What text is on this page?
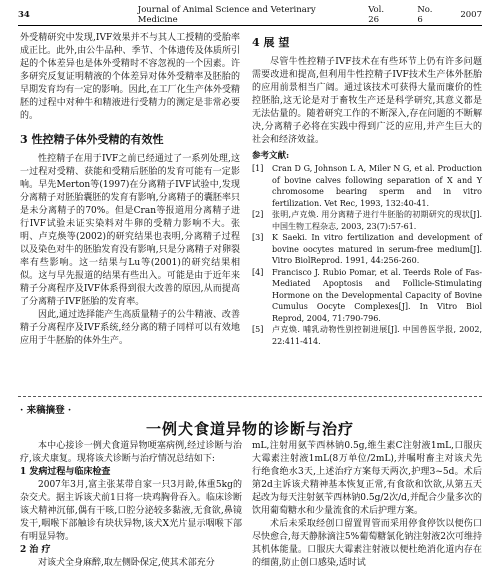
34	Journal of Animal Science and Veterinary Medicine
Vol. 26
No. 6	2007

外受精研究中发现,IVF效果并不与其人工授精的受胎率成正比。此外,由公牛品种、季节、个体遗传及体质所引起的个体差异也是体外受精时不容忽视的一个因素。许多研究反复证明精液的个体差异对体外受精率及胚胎的早期发育均有一定的影响。因此,在工厂化生产体外受精胚的过程中对种牛和精液进行受精力的测定是非常必要的。

3 性控精子体外受精的有效性

性控精子在用于IVF之前已经通过了一系列处理,这一过程对受精、获能和受精后胚胎的发育可能有一定影响。早先Merton等(1997)在分离精子IVF试验中,发现分离精子对胚胎囊胚的发育有影响,分离精子的囊胚率只是未分离精子的70%。但是Cran等报道用分离精子进行IVF试验未证实染料对牛卵的受精力影响不大。张明、卢克焕等(2002)的研究结果也表明,分离精子过程以及染色对牛的胚胎发育没有影响,只是分离精子对卵裂率有些影响。这一结果与Lu等(2001)的研究结果相似。这与早先报道的结果有些出入。可能是由于近年来精子分离程序及IVF体系得到很大改善的原因,从而提高了分离精子IVF胚胎的发育率。

因此,通过选择能产生高质量精子的公牛精液、改善精子分离程序及IVF系统,经分离的精子同样可以有效地应用于牛胚胎的体外生产。

4 展 望

尽管牛性控精子IVF技术在有些环节上仍有许多问题需要改进和提高,但利用牛性控精子IVF技术生产体外胚胎的应用前景相当广阔。通过该技术可获得大量而廉价的性控胚胎,这无论是对于畜牧生产还是科学研究,其意义都是无法估量的。随着研究工作的不断深入,存在问题的不断解决,分离精子必将在实践中得到广泛的应用,并产生巨大的社会和经济效益。

参考文献:
[1]	Cran D G, Johnson L A, Miler N G, et al. Production of bovine calves following separation of X and Y chromosome bearing sperm and in vitro fertilization. Vet Rec, 1993, 132:40-41.
[2]	张明,卢克焕. 用分离精子进行牛胚胎的初期研究的现状[J]. 中国生物工程杂志, 2003, 23(7):57-61.
[3]	K Saeki. In vitro fertilization and development of bovine oocytes matured in serum-free medium[J]. Vitro BiolReprod. 1991, 44:256-260.
[4]	Francisco J. Rubio Pomar, et al. Teerds Role of Fas-Mediated Apoptosis and Follicle-Stimulating Hormone on the Developmental Capacity of Bovine Cumulus Oocyte Complexes[J]. In Vitro Biol Reprod, 2004, 71:790-796.
[5]	卢克焕. 哺乳动物性别控制进展[J]. 中国兽医学报, 2002, 22:411-414.
· 来稿摘登 ·
一例犬食道异物的诊断与治疗

本中心接诊一例犬食道异物哽塞病例,经过诊断与治疗,该犬康复。现将该犬诊断与治疗情况总结如下:

1 发病过程与临床检查

2007年3月,富主张某带自家一只3月龄,体重5kg的杂交犬。据主诉该犬前1日将一块鸡胸骨吞入。临床诊断该犬精神沉郁,偶有干咳,口腔分泌较多黏液,无食欲,鼻镜发干,咽喉下部触诊有块状异物,该犬X光片显示咽喉下部有明显异物。

2 治 疗

对该犬全身麻醉,取左侧卧保定,使其术部充分

mL,注射用氨苄西林钠0.5g,维生素C注射液1mL,口服庆大霉素注射液1mL(8万单位/2mL),并嘱咐畜主对该犬先行绝食绝水3天,上述治疗方案每天两次,护理3~5d。术后第2d主诉该犬精神基本恢复正常,有食欲和饮欲,从第五天起改为每天注射氨苄西林钠0.5g/2次/d,并配合少量多次的饮用葡萄糖水和少量流食的术后护理方案。

术后未采取经创口留置胃管而采用停食停饮以便伤口尽快愈合,每天静脉滴注5%葡萄糖氯化钠注射液2次可维持其机体能量。口服庆大霉素注射液以便杜绝消化道内存在的细菌,防止创口感染,适时试
